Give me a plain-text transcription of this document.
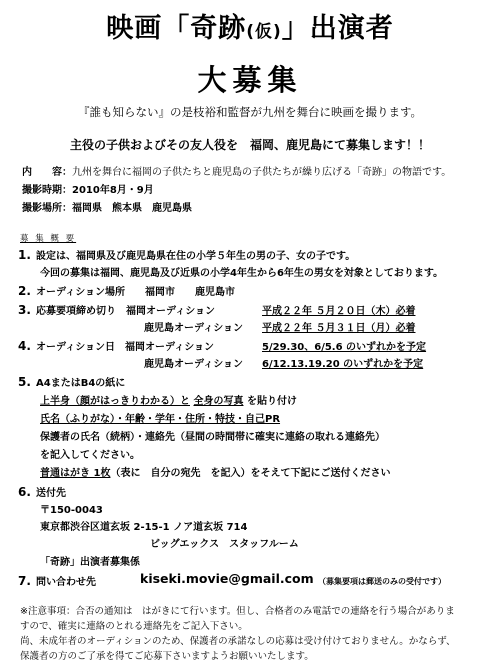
映画「奇跡(仮)」出演者
大募集
『誰も知らない』の是枝裕和監督が九州を舞台に映画を撮ります。
主役の子供およびその友人役を　福岡、鹿児島にて募集します！！
内　　容：九州を舞台に福岡の子供たちと鹿児島の子供たちが繰り広げる「奇跡」の物語です。
撮影時期：2010年8月・9月
撮影場所：福岡県　熊本県　鹿児島県
募 集 概 要
1. 設定は、福岡県及び鹿児島県在住の小学５年生の男の子、女の子です。
今回の募集は福岡、鹿児島及び近県の小学4年生から6年生の男女を対象としております。
2. オーディション場所　　福岡市　　鹿児島市
3. 応募要項締め切り　福岡オーディション	平成２２年 ５月２０日（木）必着
鹿児島オーディション 平成２２年 ５月３１日（月）必着
4. オーディション日　福岡オーディション	5/29.30、6/5.6 のいずれかを予定
鹿児島オーディション 6/12.13.19.20 のいずれかを予定
5. A4またはB4の紙に
上半身（顔がはっきりわかる）と 全身の写真 を貼り付け
氏名（ふりがな）・年齢・学年・住所・特技・自己PR
保護者の氏名（続柄）・連絡先（昼間の時間帯に確実に連絡の取れる連絡先）
を記入してください。
普通はがき 1枚（表に　自分の宛先　を記入）をそえて下記にご送付ください
6. 送付先
〒150-0043
東京都渋谷区道玄坂 2-15-1 ノア道玄坂 714
ビッグエックス　スタッフルーム
「奇跡」出演者募集係
7. 問い合わせ先	kiseki.movie@gmail.com （募集要項は郵送のみの受付です）
※注意事項：合否の通知は　はがきにて行います。但し、合格者のみ電話での連絡を行う場合がありま
すので、確実に連絡のとれる連絡先をご記入下さい。
尚、未成年者のオーディションのため、保護者の承諾なしの応募は受け付けておりません。かならず、
保護者の方のご了承を得てご応募下さいますようお願いいたします。
